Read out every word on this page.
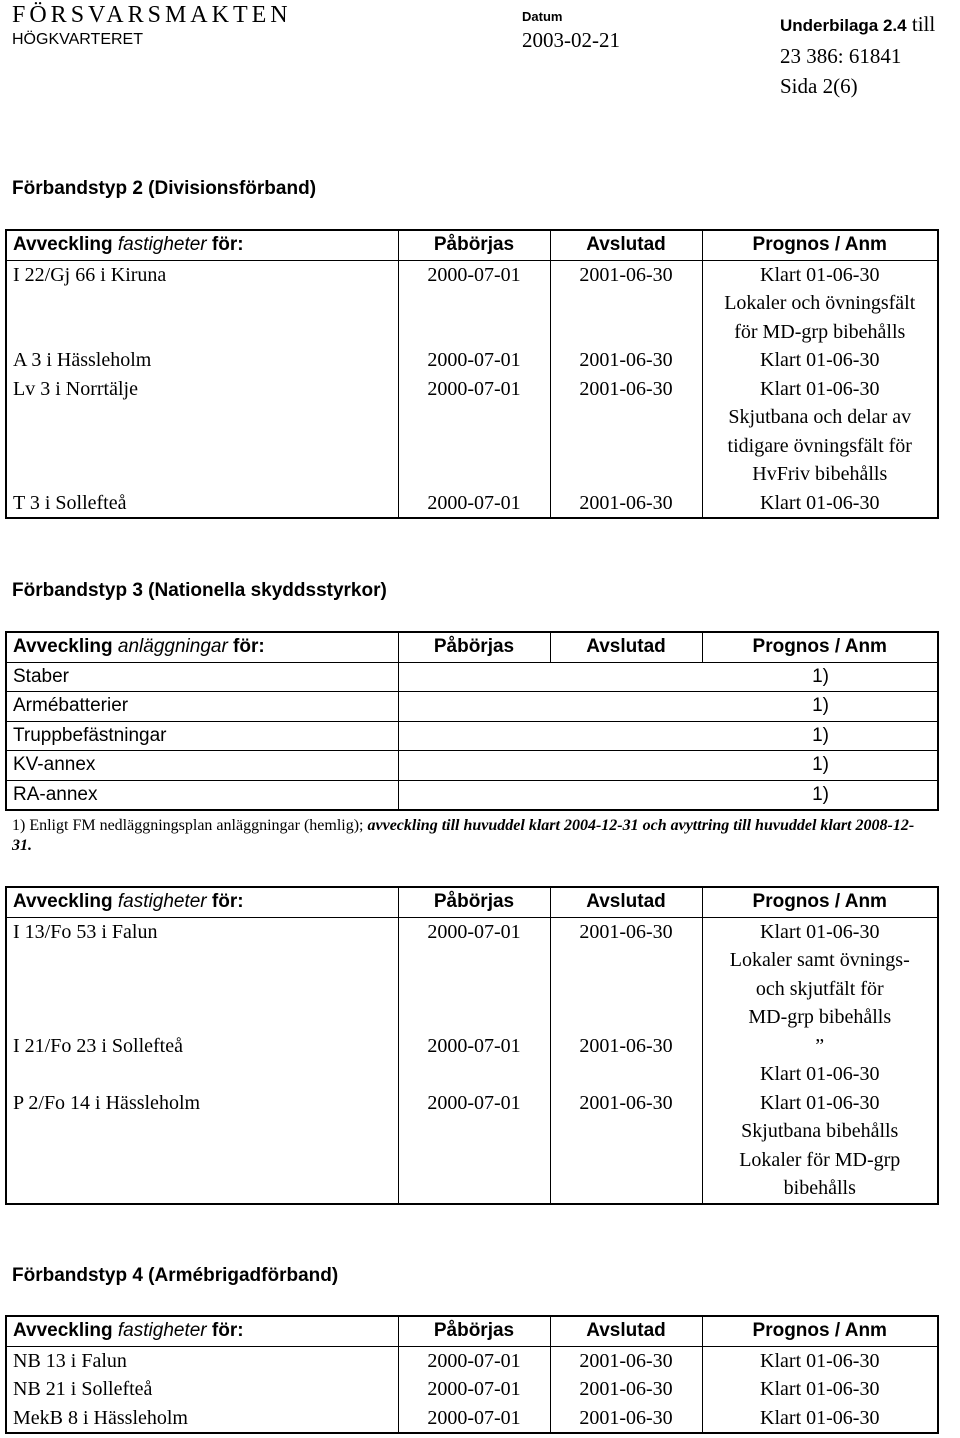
FÖRSVARSMAKTEN
HÖGKVARTERET
Datum
2003-02-21
Underbilaga 2.4 till
23 386: 61841
Sida 2(6)
Förbandstyp 2 (Divisionsförband)
Avveckling fastigheter för:	Påbörjas	Avslutad	Prognos / Anm
I 22/Gj 66 i Kiruna	2000-07-01	2001-06-30	Klart 01-06-30
Lokaler och övningsfält
för MD-grp bibehålls

A 3 i Hässleholm	2000-07-01	2001-06-30	Klart 01-06-30

Lv 3 i Norrtälje	2000-07-01	2001-06-30	Klart 01-06-30
Skjutbana och delar av
tidigare övningsfält för
HvFriv bibehålls

T 3 i Sollefteå	2000-07-01	2001-06-30	Klart 01-06-30
Förbandstyp 3 (Nationella skyddsstyrkor)
Avveckling anläggningar för:	Påbörjas	Avslutad	Prognos / Anm
Staber	1)		
Armébatterier	1)		
Truppbefästningar	1)		
KV-annex	1)		
RA-annex	1)		
1) Enligt FM nedläggningsplan anläggningar (hemlig); avveckling till huvuddel klart 2004-12-31 och avyttring till huvuddel klart 2008-12-31.
Avveckling fastigheter för:	Påbörjas	Avslutad	Prognos / Anm
I 13/Fo 53 i Falun	2000-07-01	2001-06-30	Klart 01-06-30
Lokaler samt övnings-
och skjutfält för
MD-grp bibehålls

I 21/Fo 23 i Sollefteå	2000-07-01	2001-06-30	”
Klart 01-06-30

P 2/Fo 14 i Hässleholm	2000-07-01	2001-06-30	Klart 01-06-30
Skjutbana bibehålls
Lokaler för MD-grp
bibehålls
Förbandstyp 4 (Armébrigadförband)
Avveckling fastigheter för:	Påbörjas	Avslutad	Prognos / Anm
NB 13 i Falun	2000-07-01	2001-06-30	Klart 01-06-30

NB 21 i Sollefteå	2000-07-01	2001-06-30	Klart 01-06-30

MekB 8 i Hässleholm	2000-07-01	2001-06-30	Klart 01-06-30
